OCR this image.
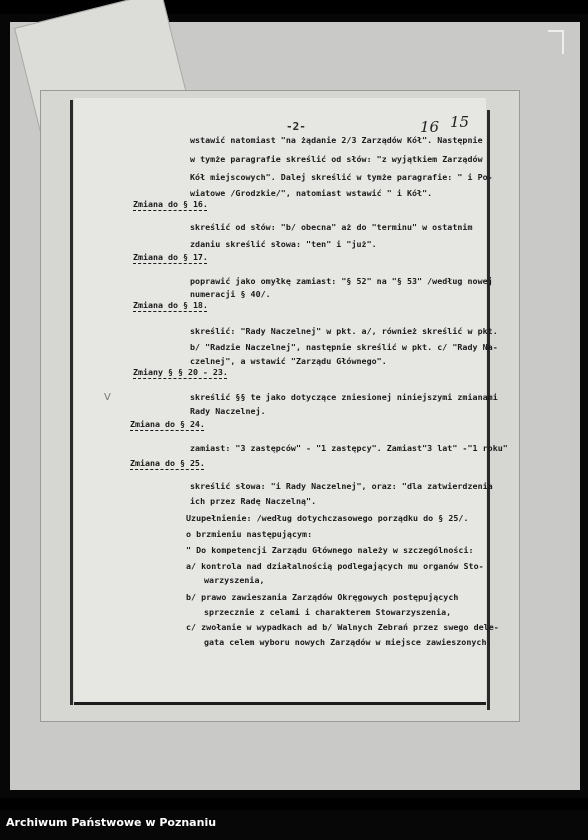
-2-	16 15
V
wstawić natomiast "na żądanie 2/3 Zarządów Kół". Następnie
w tymże paragrafie skreślić od słów: "z wyjątkiem Zarządów
Kół miejscowych". Dalej skreślić w tymże paragrafie: " i Po-
wiatowe /Grodzkie/", natomiast wstawić " i Kół".
Zmiana do § 16.
skreślić od słów: "b/ obecna" aż do "terminu" w ostatnim
zdaniu skreślić słowa: "ten" i "już".
Zmiana do § 17.
poprawić jako omyłkę zamiast: "§ 52" na "§ 53" /według nowej
numeracji § 40/.
Zmiana do § 18.
skreślić: "Rady Naczelnej" w pkt. a/, również skreślić w pkt.
b/ "Radzie Naczelnej", następnie skreślić w pkt. c/ "Rady Na-
czelnej", a wstawić "Zarządu Głównego".
Zmiany § § 20 - 23.
skreślić §§ te jako dotyczące zniesionej niniejszymi zmianami
Rady Naczelnej.
Zmiana do § 24.
zamiast: "3 zastępców" - "1 zastępcy". Zamiast"3 lat" -"1 roku"
Zmiana do § 25.
skreślić słowa: "i Rady Naczelnej", oraz: "dla zatwierdzenia
ich przez Radę Naczelną".
Uzupełnienie: /według dotychczasowego porządku do § 25/.
o brzmieniu następującym:
" Do kompetencji Zarządu Głównego należy w szczególności:
a/ kontrola nad działalnością podlegających mu organów Sto-
warzyszenia,
b/ prawo zawieszania Zarządów Okręgowych postępujących
sprzecznie z celami i charakterem Stowarzyszenia,
c/ zwołanie w wypadkach ad b/ Walnych Zebrań przez swego dele-
gata celem wyboru nowych Zarządów w miejsce zawieszonych.
Archiwum Państwowe w Poznaniu
